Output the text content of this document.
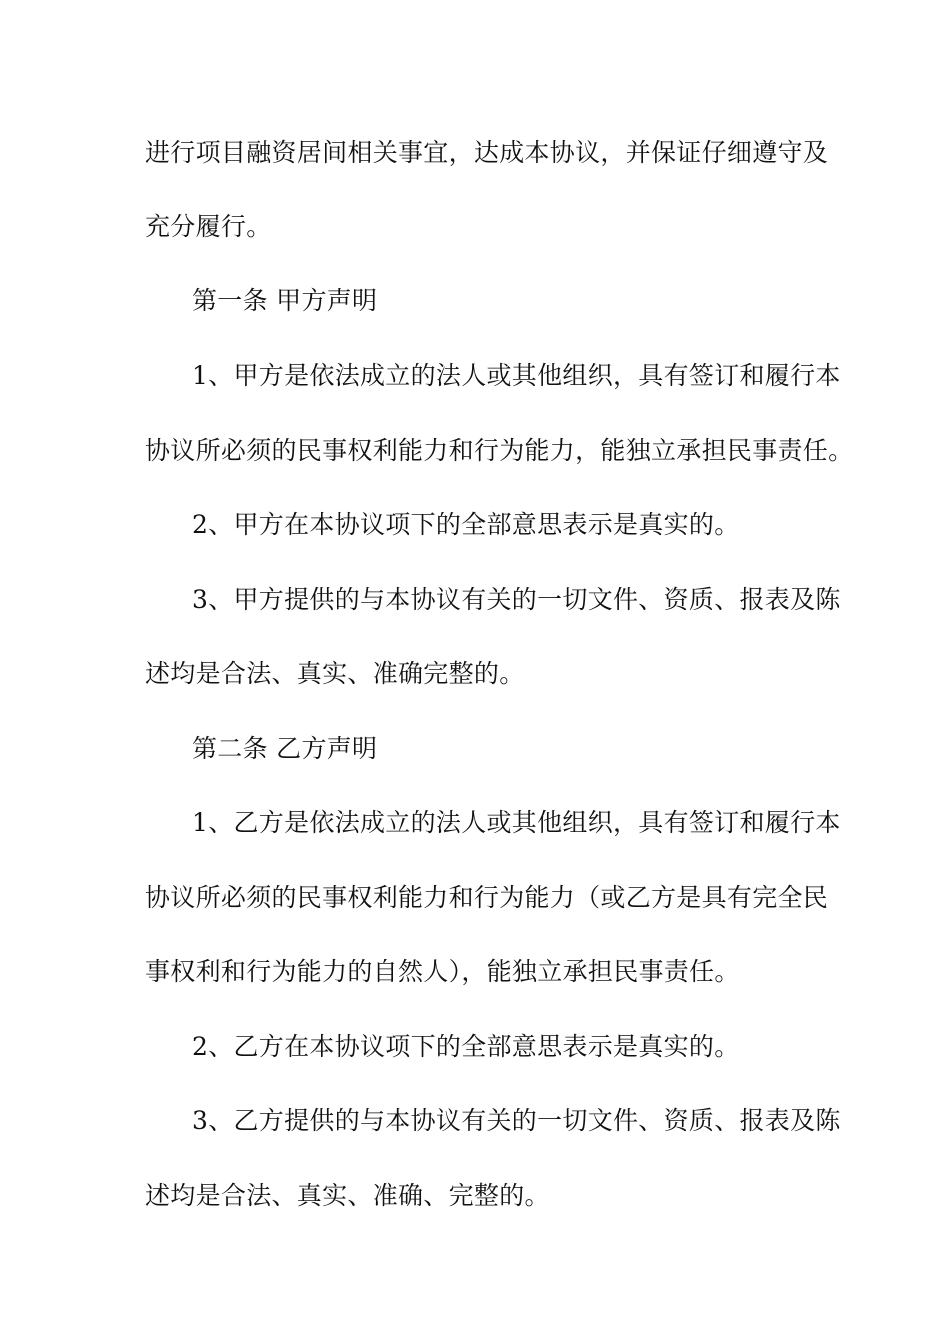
进行项目融资居间相关事宜，达成本协议，并保证仔细遵守及
充分履行。
第一条 甲方声明
1、甲方是依法成立的法人或其他组织，具有签订和履行本
协议所必须的民事权利能力和行为能力，能独立承担民事责任。
2、甲方在本协议项下的全部意思表示是真实的。
3、甲方提供的与本协议有关的一切文件、资质、报表及陈
述均是合法、真实、准确完整的。
第二条 乙方声明
1、乙方是依法成立的法人或其他组织，具有签订和履行本
协议所必须的民事权利能力和行为能力（或乙方是具有完全民
事权利和行为能力的自然人），能独立承担民事责任。
2、乙方在本协议项下的全部意思表示是真实的。
3、乙方提供的与本协议有关的一切文件、资质、报表及陈
述均是合法、真实、准确、完整的。
